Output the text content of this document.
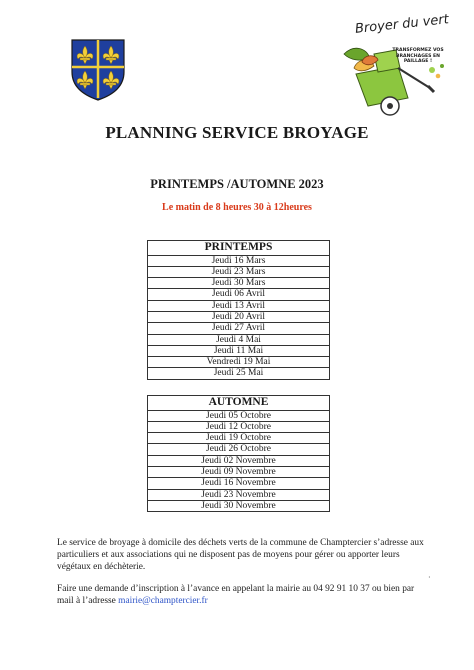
Broyer du vert
TRANSFORMEZ VOS BRANCHAGES EN PAILLAGE !
PLANNING SERVICE BROYAGE
PRINTEMPS /AUTOMNE 2023
Le matin de 8 heures 30 à 12heures
PRINTEMPS
Jeudi 16 Mars
Jeudi 23 Mars
Jeudi 30 Mars
Jeudi 06 Avril
Jeudi 13 Avril
Jeudi 20 Avril
Jeudi 27 Avril
Jeudi 4 Mai
Jeudi 11 Mai
Vendredi 19 Mai
Jeudi 25 Mai
AUTOMNE
Jeudi 05 Octobre
Jeudi 12 Octobre
Jeudi 19 Octobre
Jeudi 26 Octobre
Jeudi 02 Novembre
Jeudi 09 Novembre
Jeudi 16 Novembre
Jeudi 23 Novembre
Jeudi 30 Novembre

Le service de broyage à domicile des déchets verts de la commune de Champtercier s’adresse aux particuliers et aux associations qui ne disposent pas de moyens pour gérer ou apporter leurs végétaux en déchèterie.

Faire une demande d’inscription à l’avance en appelant la mairie au 04 92 91 10 37 ou bien par mail à l’adresse mairie@champtercier.fr

·
